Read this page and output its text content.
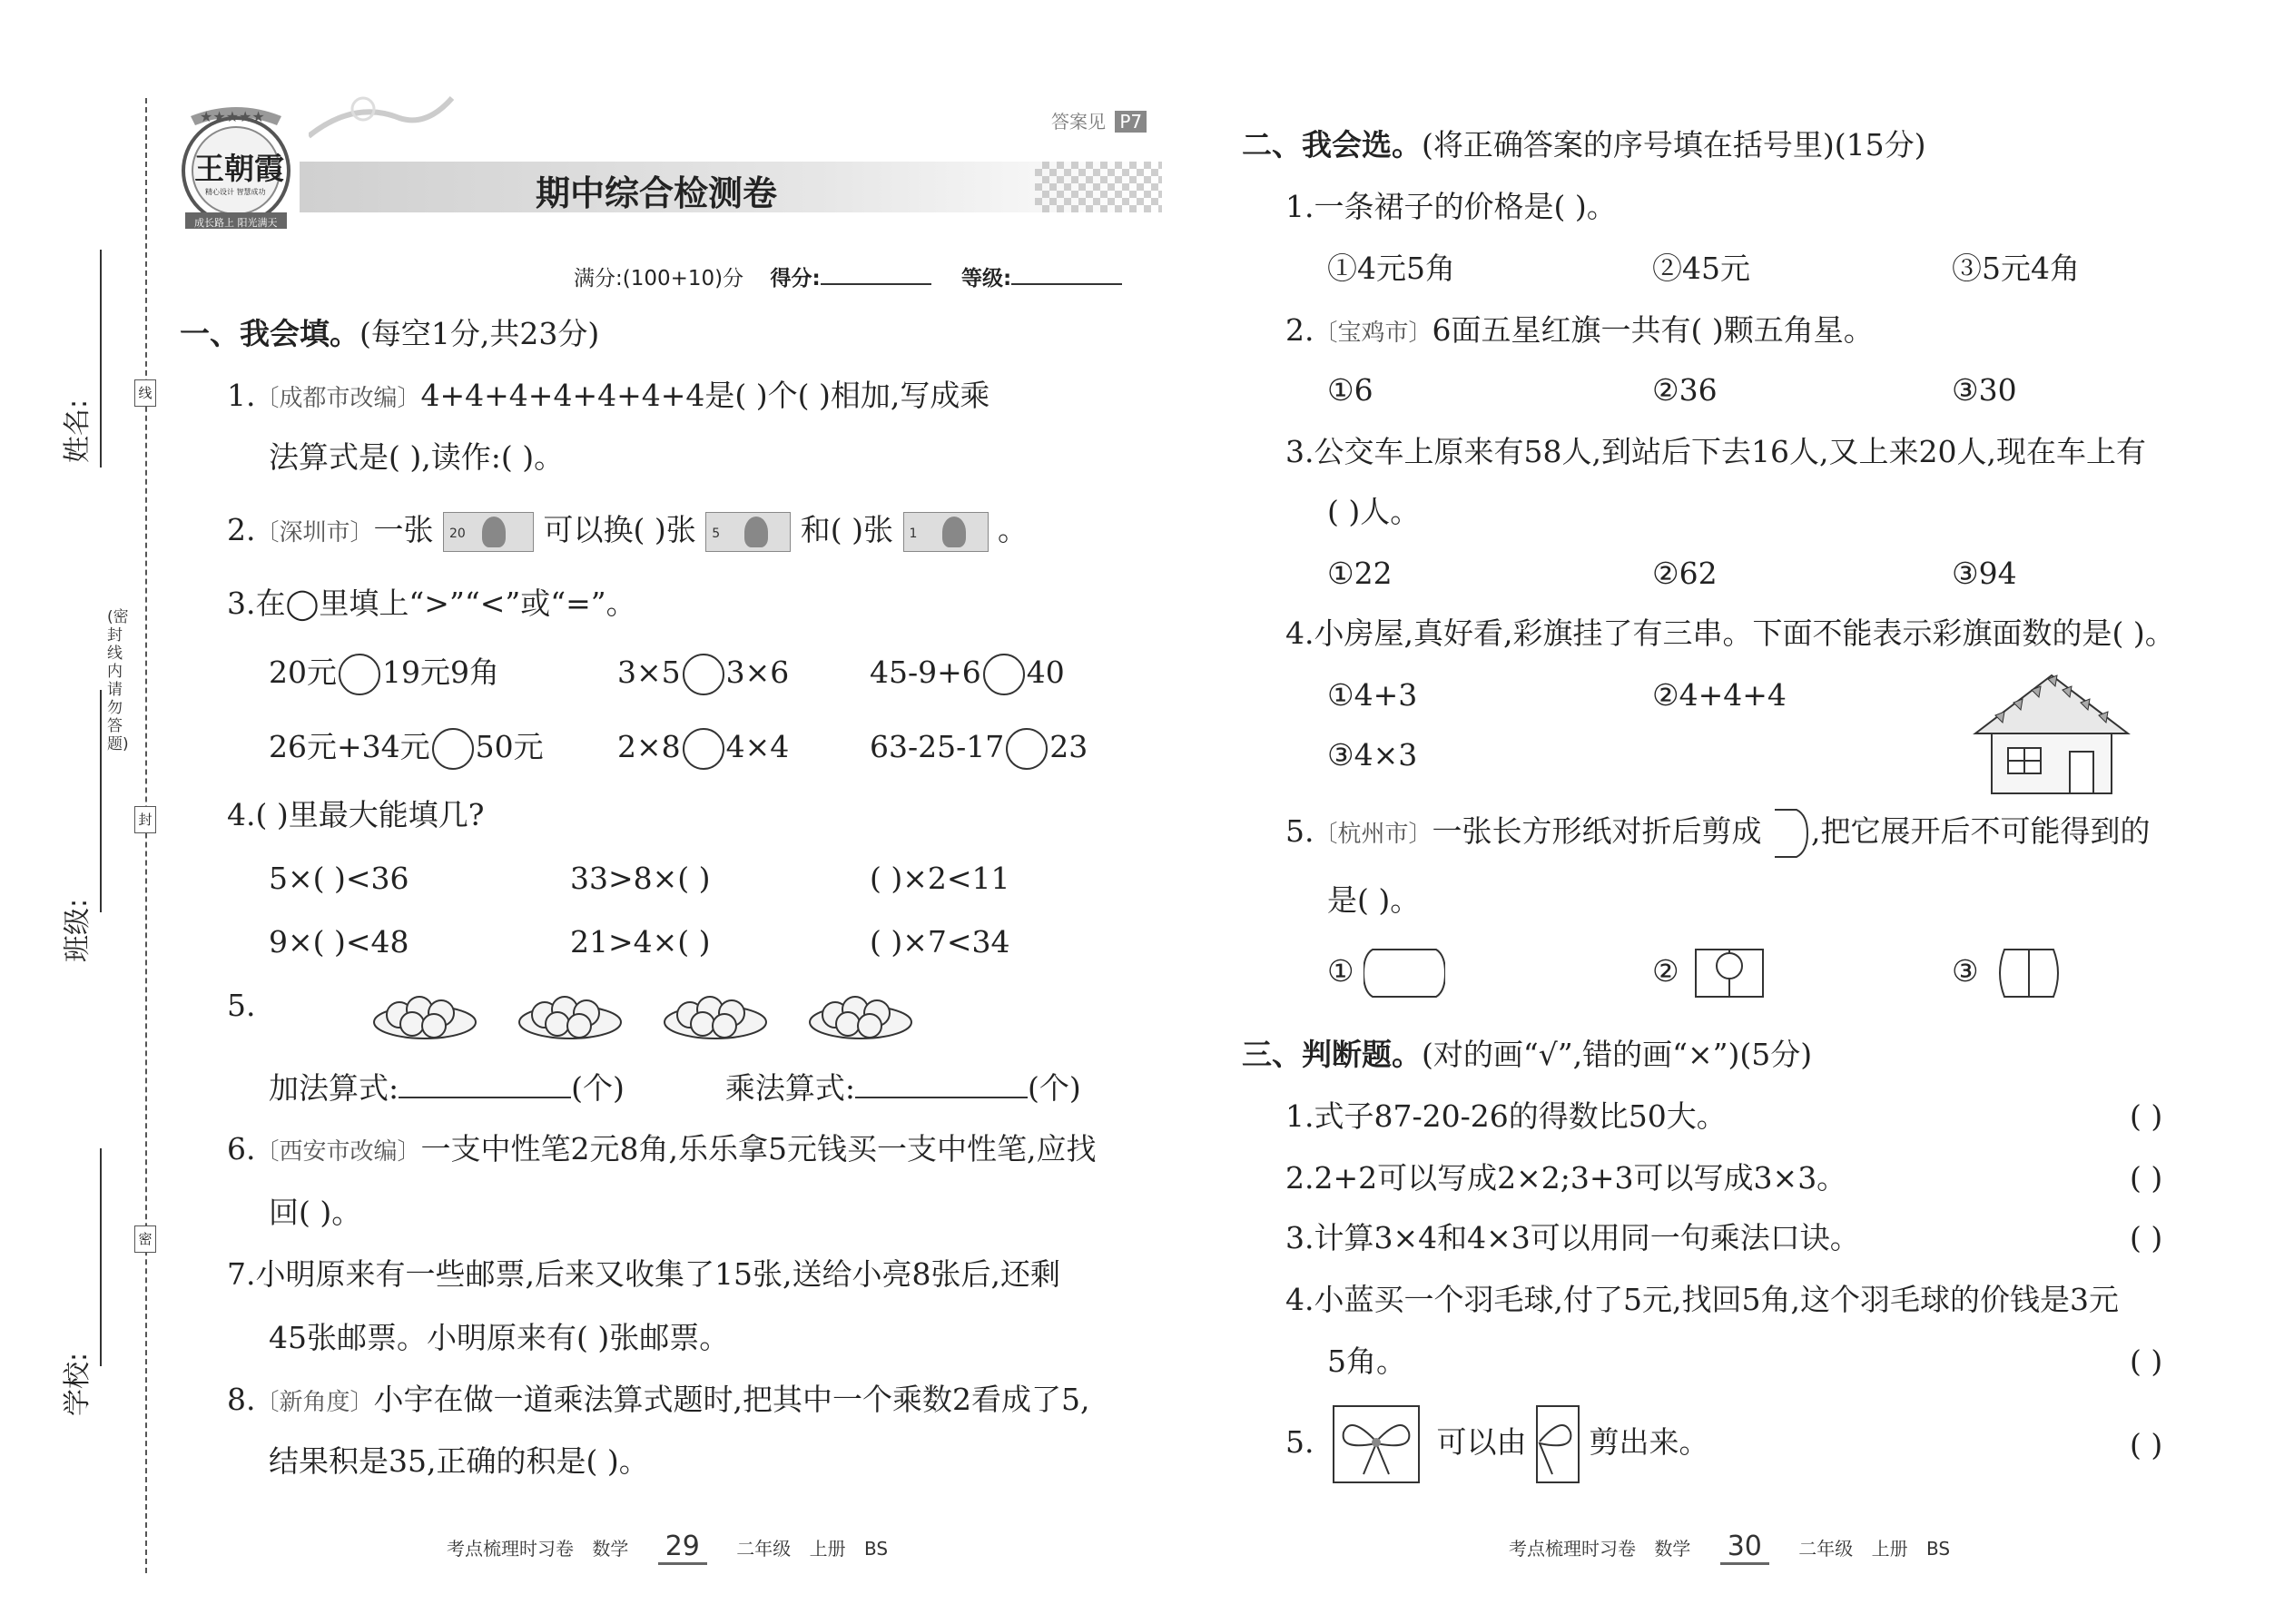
线
封
密
(密封线内请勿答题)
姓名:
班级:
学校:
期中综合检测卷
★★★★★
王朝霞
精心设计 智慧成功
成长路上 阳光满天
答案见 P7
满分:(100+10)分 得分:	等级:
一、我会填。(每空1分,共23分)
1.〔成都市改编〕4+4+4+4+4+4+4是( )个( )相加,写成乘
法算式是( ),读作:( )。
2.〔深圳市〕一张 20	可以换( )张 5	和( )张 1	。
3.在◯里填上“>”“<”或“=”。
20元 19元9角	3×5 3×6	45-9+6 40
26元+34元 50元 2×8 4×4	63-25-17 23
4.( )里最大能填几?
5×( )<36	33>8×( )	( )×2<11
9×( )<48	21>4×( )	( )×7<34
5.
加法算式:	(个)	乘法算式:	(个)
6.〔西安市改编〕一支中性笔2元8角,乐乐拿5元钱买一支中性笔,应找
回( )。
7.小明原来有一些邮票,后来又收集了15张,送给小亮8张后,还剩
45张邮票。小明原来有( )张邮票。
8.〔新角度〕小宇在做一道乘法算式题时,把其中一个乘数2看成了5,
结果积是35,正确的积是( )。
考点梳理时习卷 数学 29 二年级 上册 BS
二、我会选。(将正确答案的序号填在括号里)(15分)
1.一条裙子的价格是( )。
①4元5角	②45元	③5元4角
2.〔宝鸡市〕6面五星红旗一共有( )颗五角星。
①6	②36	③30
3.公交车上原来有58人,到站后下去16人,又上来20人,现在车上有
( )人。
①22	②62	③94
4.小房屋,真好看,彩旗挂了有三串。下面不能表示彩旗面数的是( )。
①4+3	②4+4+4
③4×3
5.〔杭州市〕一张长方形纸对折后剪成 ,把它展开后不可能得到的
是( )。
①	②	③
三、判断题。(对的画“√”,错的画“×”)(5分)
1.式子87-20-26的得数比50大。	( )
2.2+2可以写成2×2;3+3可以写成3×3。	( )
3.计算3×4和4×3可以用同一句乘法口诀。	( )
4.小蓝买一个羽毛球,付了5元,找回5角,这个羽毛球的价钱是3元
5角。	( )
5.	可以由 剪出来。	( )
考点梳理时习卷 数学 30 二年级 上册 BS
